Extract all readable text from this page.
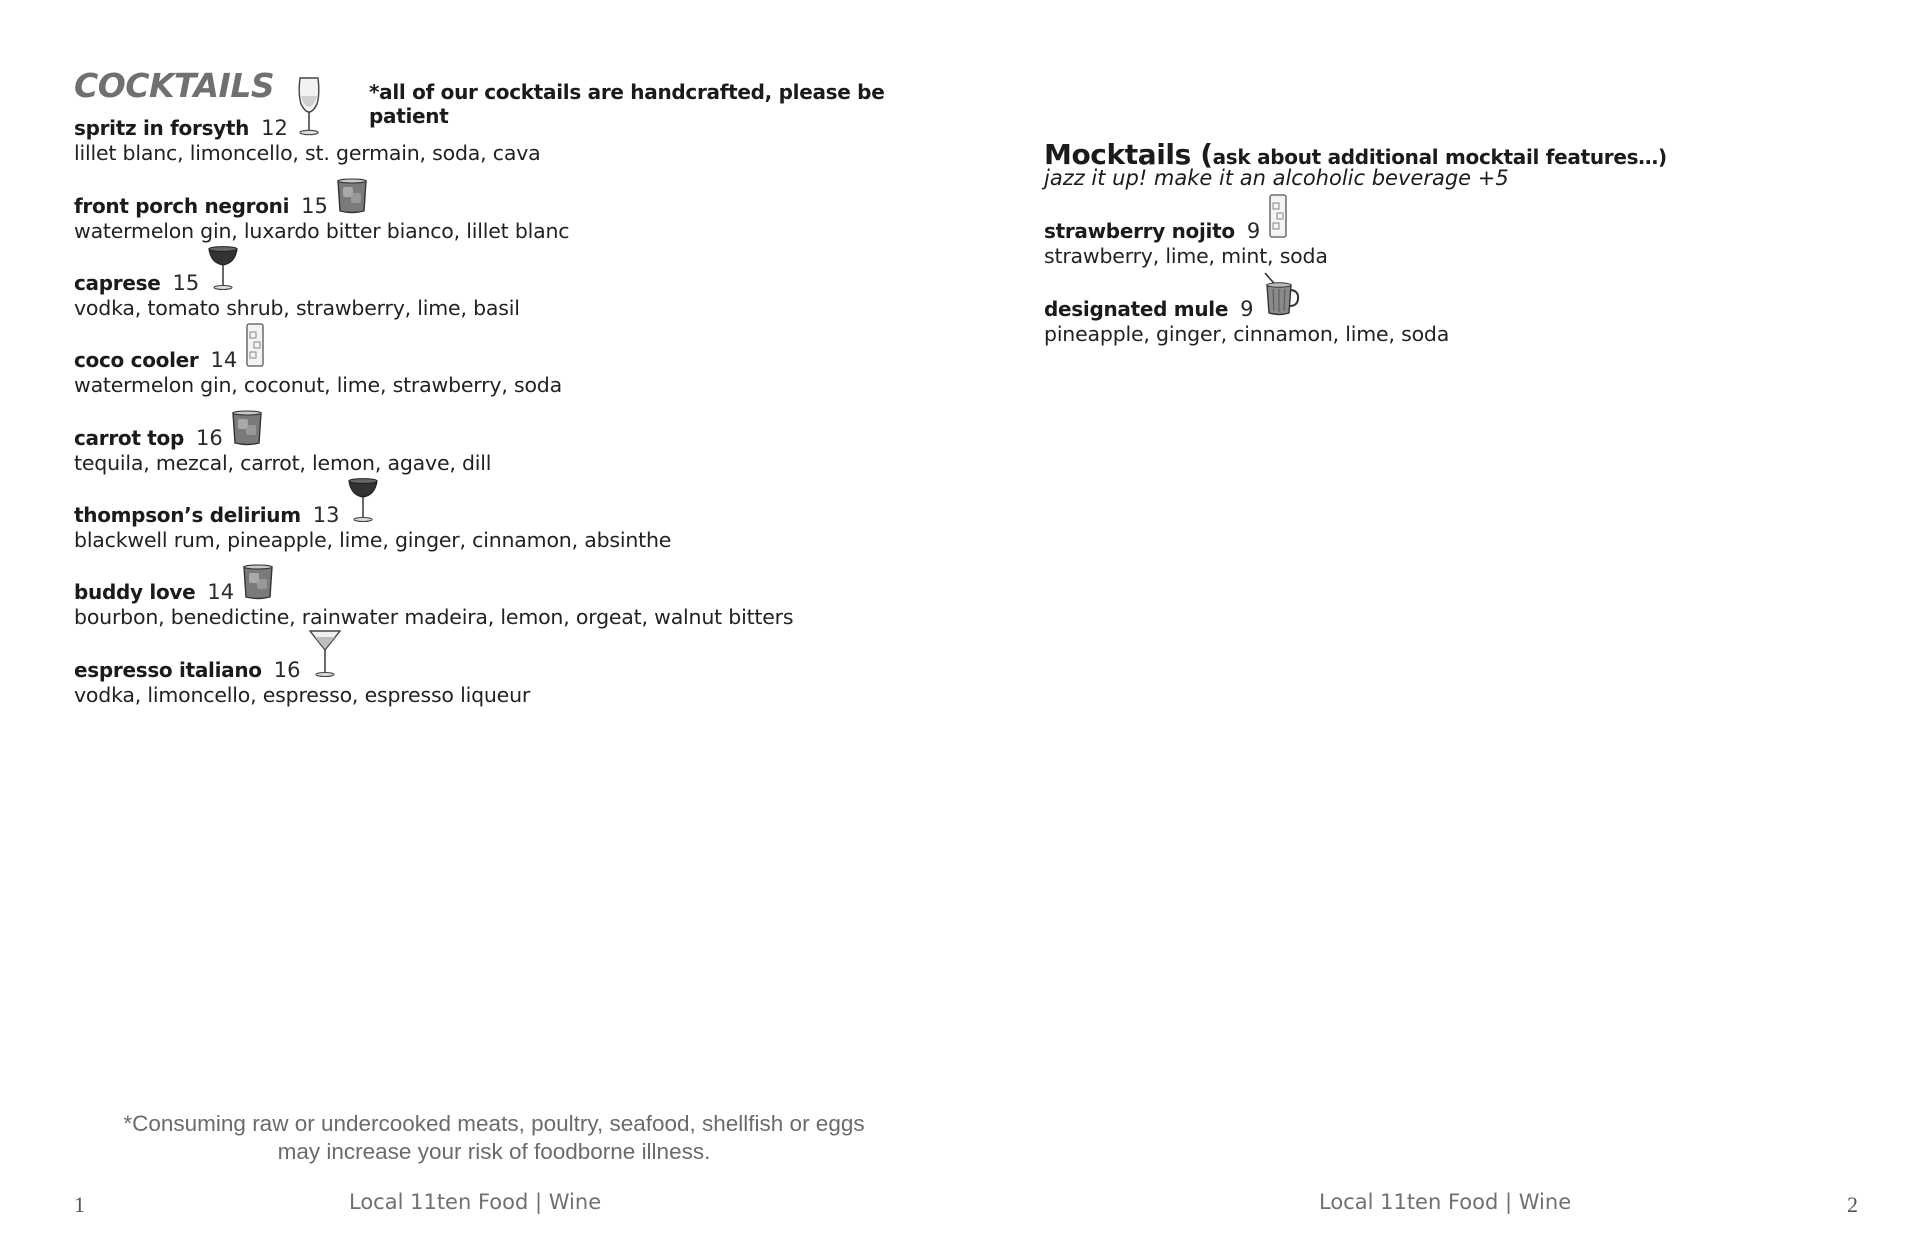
COCKTAILS	*all of our cocktails are handcrafted, please be patient
spritz in forsyth 12
lillet blanc, limoncello, st. germain, soda, cava
front porch negroni 15
watermelon gin, luxardo bitter bianco, lillet blanc
caprese 15
vodka, tomato shrub, strawberry, lime, basil
coco cooler 14
watermelon gin, coconut, lime, strawberry, soda
carrot top 16
tequila, mezcal, carrot, lemon, agave, dill
thompson’s delirium 13
blackwell rum, pineapple, lime, ginger, cinnamon, absinthe
buddy love 14
bourbon, benedictine, rainwater madeira, lemon, orgeat, walnut bitters
espresso italiano 16
vodka, limoncello, espresso, espresso liqueur
*Consuming raw or undercooked meats, poultry, seafood, shellfish or eggs
may increase your risk of foodborne illness.
Local 11ten Food | Wine
1
Mocktails (ask about additional mocktail features…)
jazz it up! make it an alcoholic beverage +5
strawberry nojito 9
strawberry, lime, mint, soda
designated mule 9
pineapple, ginger, cinnamon, lime, soda
Local 11ten Food | Wine	2
